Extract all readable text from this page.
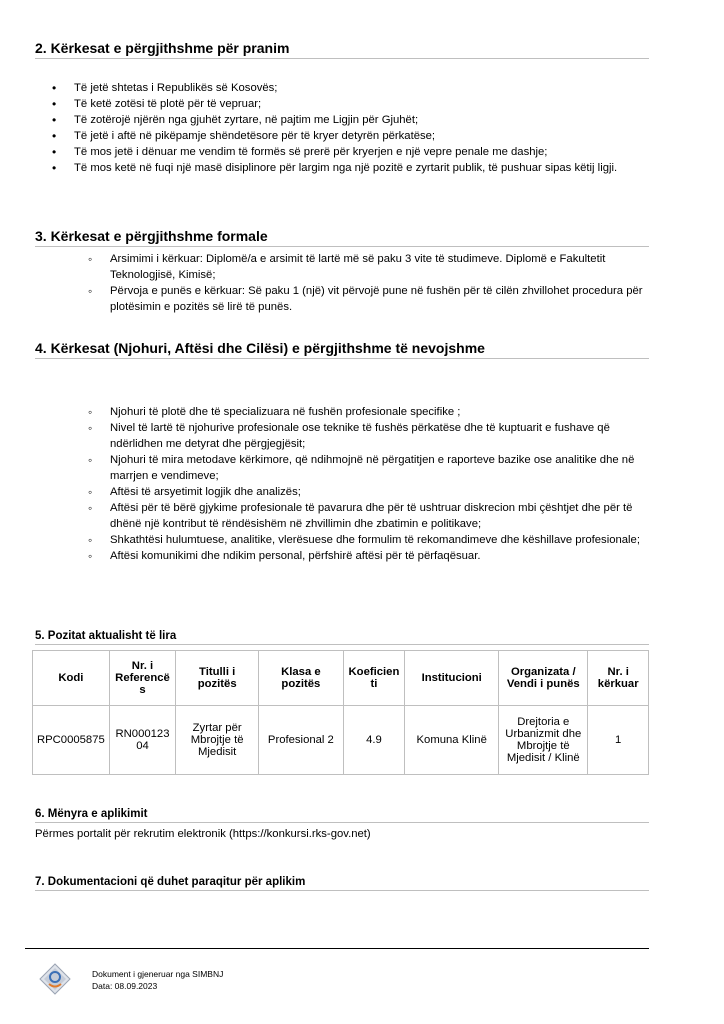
2. Kërkesat e përgjithshme për pranim
• Të jetë shtetas i Republikës së Kosovës;
• Të ketë zotësi të plotë për të vepruar;
• Të zotërojë njërën nga gjuhët zyrtare, në pajtim me Ligjin për Gjuhët;
• Të jetë i aftë në pikëpamje shëndetësore për të kryer detyrën përkatëse;
• Të mos jetë i dënuar me vendim të formës së prerë për kryerjen e një vepre penale me dashje;
• Të mos ketë në fuqi një masë disiplinore për largim nga një pozitë e zyrtarit publik, të pushuar sipas këtij ligji.
3. Kërkesat e përgjithshme formale
◦ Arsimimi i kërkuar: Diplomë/a e arsimit të lartë më së paku 3 vite të studimeve. Diplomë e Fakultetit Teknologjisë, Kimisë;
◦ Përvoja e punës e kërkuar: Së paku 1 (një) vit përvojë pune në fushën për të cilën zhvillohet procedura për plotësimin e pozitës së lirë të punës.
4. Kërkesat (Njohuri, Aftësi dhe Cilësi) e përgjithshme të nevojshme
◦ Njohuri të plotë dhe të specializuara në fushën profesionale specifike ;
◦ Nivel të lartë të njohurive profesionale ose teknike të fushës përkatëse dhe të kuptuarit e fushave që ndërlidhen me detyrat dhe përgjegjësit;
◦ Njohuri të mira metodave kërkimore, që ndihmojnë në përgatitjen e raporteve bazike ose analitike dhe në marrjen e vendimeve;
◦ Aftësi të arsyetimit logjik dhe analizës;
◦ Aftësi për të bërë gjykime profesionale të pavarura dhe për të ushtruar diskrecion mbi çështjet dhe për të dhënë një kontribut të rëndësishëm në zhvillimin dhe zbatimin e politikave;
◦ Shkathtësi hulumtuese, analitike, vlerësuese dhe formulim të rekomandimeve dhe këshillave profesionale;
◦ Aftësi komunikimi dhe ndikim personal, përfshirë aftësi për të përfaqësuar.
5. Pozitat aktualisht të lira
Kodi	Nr. i Referencë s	Titulli i pozitës	Klasa e pozitës	Koeficien ti	Institucioni	Organizata / Vendi i punës	Nr. i kërkuar
RPC0005875	RN000123 04	Zyrtar për Mbrojtje të Mjedisit	Profesional 2	4.9	Komuna Klinë	Drejtoria e Urbanizmit dhe Mbrojtje të Mjedisit / Klinë	1
6. Mënyra e aplikimit
Përmes portalit për rekrutim elektronik (https://konkursi.rks-gov.net)
7. Dokumentacioni që duhet paraqitur për aplikim
Dokument i gjeneruar nga SIMBNJ
Data: 08.09.2023
